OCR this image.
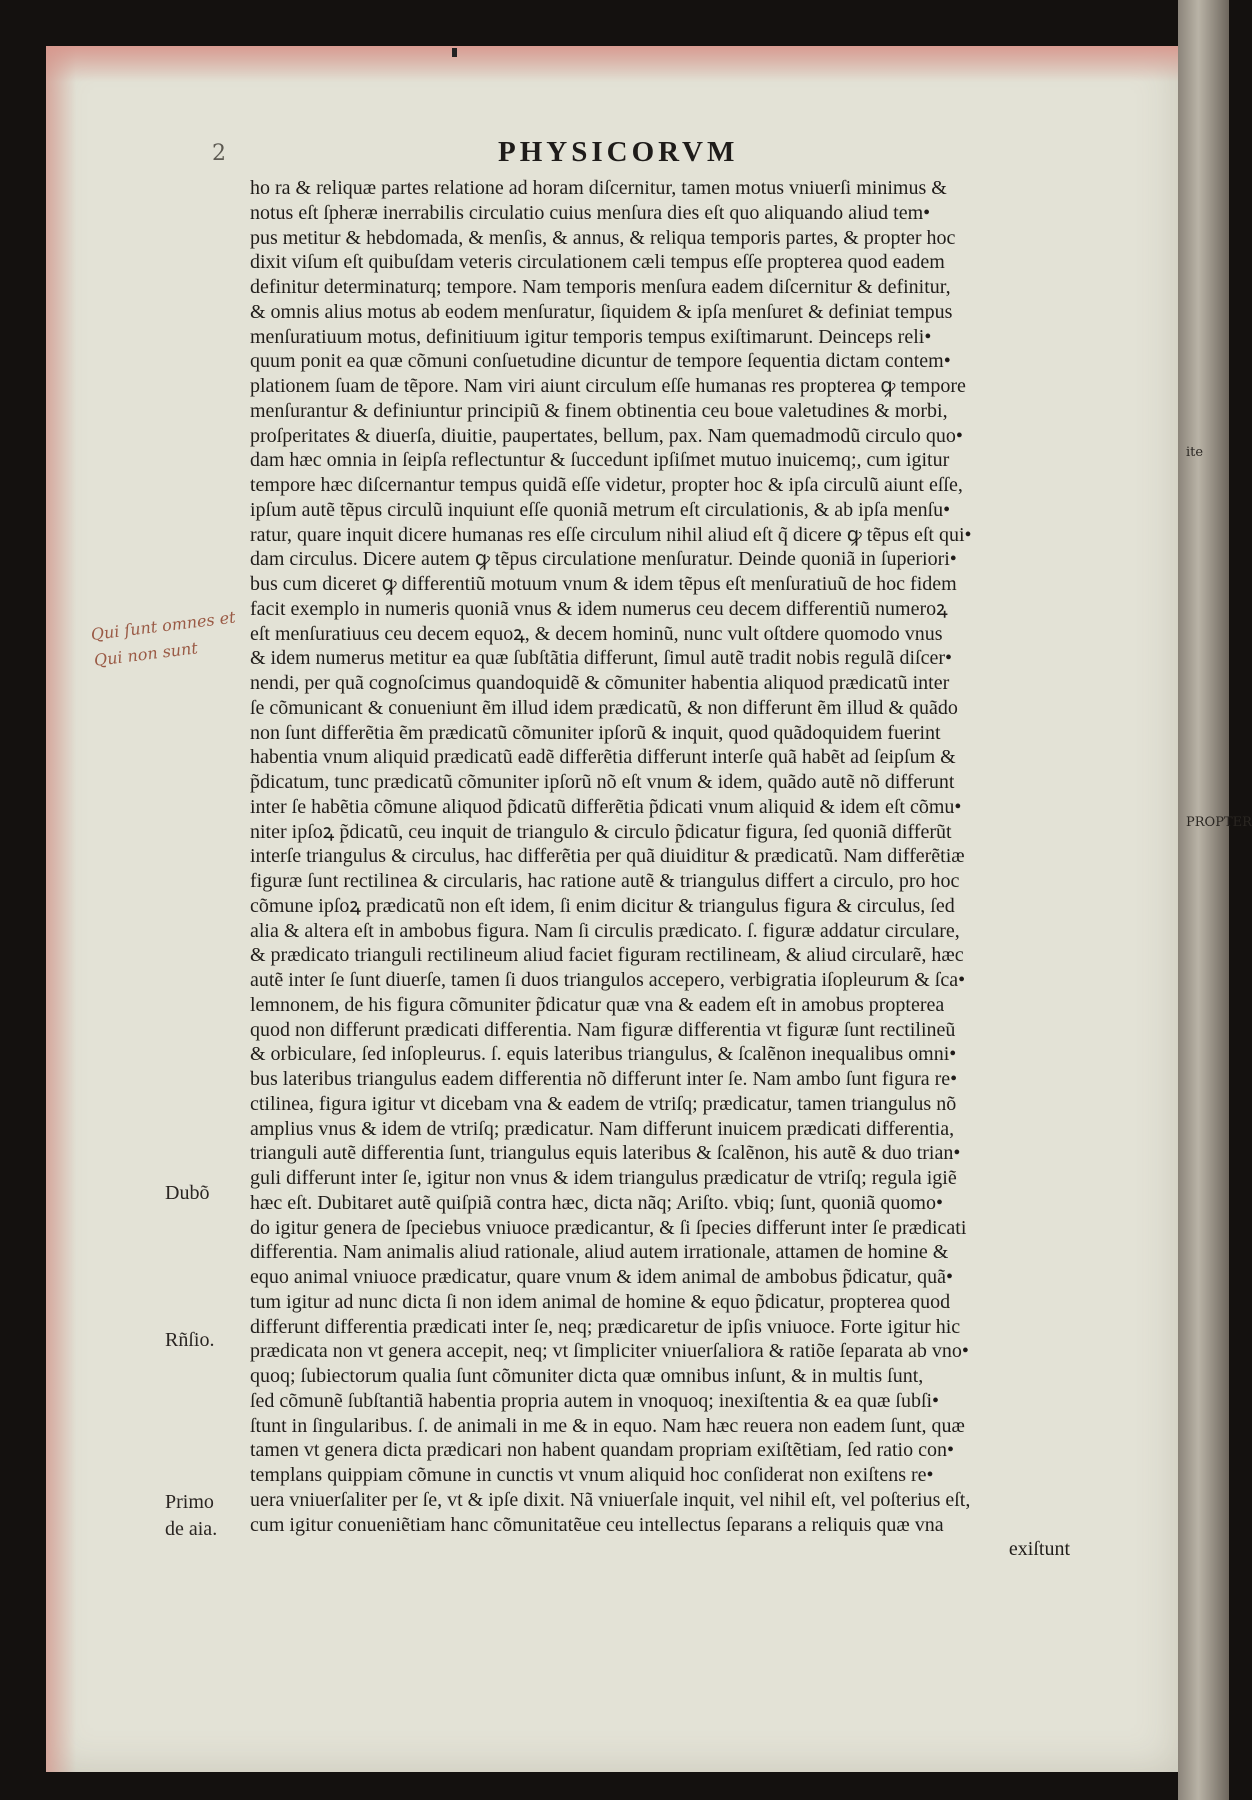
2	PHYSICORVM
Qui ſunt omnes et
Qui non sunt
Dubõ
Rñſio.
Primo
de aia.
ho ra & reliquæ partes relatione ad horam diſcernitur, tamen motus vniuerſi minimus &
notus eſt ſpheræ inerrabilis circulatio cuius menſura dies eſt quo aliquando aliud tem•
pus metitur & hebdomada, & menſis, & annus, & reliqua temporis partes, & propter hoc
dixit viſum eſt quibuſdam veteris circulationem cæli tempus eſſe propterea quod eadem
definitur determinaturq; tempore. Nam temporis menſura eadem diſcernitur & definitur,
& omnis alius motus ab eodem menſuratur, ſiquidem & ipſa menſuret & definiat tempus
menſuratiuum motus, definitiuum igitur temporis tempus exiſtimarunt. Deinceps reli•
quum ponit ea quæ cõmuni conſuetudine dicuntur de tempore ſequentia dictam contem•
plationem ſuam de tẽpore. Nam viri aiunt circulum eſſe humanas res propterea ꝙ tempore
menſurantur & definiuntur principiũ & finem obtinentia ceu boue valetudines & morbi,
proſperitates & diuerſa, diuitie, paupertates, bellum, pax. Nam quemadmodũ circulo quo•
dam hæc omnia in ſeipſa reflectuntur & ſuccedunt ipſiſmet mutuo inuicemq;, cum igitur
tempore hæc diſcernantur tempus quidã eſſe videtur, propter hoc & ipſa circulũ aiunt eſſe,
ipſum autẽ tẽpus circulũ inquiunt eſſe quoniã metrum eſt circulationis, & ab ipſa menſu•
ratur, quare inquit dicere humanas res eſſe circulum nihil aliud eſt q̃ dicere ꝙ tẽpus eſt qui•
dam circulus. Dicere autem ꝙ tẽpus circulatione menſuratur. Deinde quoniã in ſuperiori•
bus cum diceret ꝙ differentiũ motuum vnum & idem tẽpus eſt menſuratiuũ de hoc fidem
facit exemplo in numeris quoniã vnus & idem numerus ceu decem differentiũ numeroꝝ
eſt menſuratiuus ceu decem equoꝝ, & decem hominũ, nunc vult oſtdere quomodo vnus
& idem numerus metitur ea quæ ſubſtãtia differunt, ſimul autẽ tradit nobis regulã diſcer•
nendi, per quã cognoſcimus quandoquidẽ & cõmuniter habentia aliquod prædicatũ inter
ſe cõmunicant & conueniunt ẽm illud idem prædicatũ, & non differunt ẽm illud & quãdo
non ſunt differẽtia ẽm prædicatũ cõmuniter ipſorũ & inquit, quod quãdoquidem fuerint
habentia vnum aliquid prædicatũ eadẽ differẽtia differunt interſe quã habẽt ad ſeipſum &
p̃dicatum, tunc prædicatũ cõmuniter ipſorũ nõ eſt vnum & idem, quãdo autẽ nõ differunt
inter ſe habẽtia cõmune aliquod p̃dicatũ differẽtia p̃dicati vnum aliquid & idem eſt cõmu•
niter ipſoꝝ p̃dicatũ, ceu inquit de triangulo & circulo p̃dicatur figura, ſed quoniã differũt
interſe triangulus & circulus, hac differẽtia per quã diuiditur & prædicatũ. Nam differẽtiæ
figuræ ſunt rectilinea & circularis, hac ratione autẽ & triangulus differt a circulo, pro hoc
cõmune ipſoꝝ prædicatũ non eſt idem, ſi enim dicitur & triangulus figura & circulus, ſed
alia & altera eſt in ambobus figura. Nam ſi circulis prædicato. ſ. figuræ addatur circulare,
& prædicato trianguli rectilineum aliud faciet figuram rectilineam, & aliud circularẽ, hæc
autẽ inter ſe ſunt diuerſe, tamen ſi duos triangulos accepero, verbigratia iſopleurum & ſca•
lemnonem, de his figura cõmuniter p̃dicatur quæ vna & eadem eſt in amobus propterea
quod non differunt prædicati differentia. Nam figuræ differentia vt figuræ ſunt rectilineũ
& orbiculare, ſed inſopleurus. ſ. equis lateribus triangulus, & ſcalẽnon inequalibus omni•
bus lateribus triangulus eadem differentia nõ differunt inter ſe. Nam ambo ſunt figura re•
ctilinea, figura igitur vt dicebam vna & eadem de vtriſq; prædicatur, tamen triangulus nõ
amplius vnus & idem de vtriſq; prædicatur. Nam differunt inuicem prædicati differentia,
trianguli autẽ differentia ſunt, triangulus equis lateribus & ſcalẽnon, his autẽ & duo trian•
guli differunt inter ſe, igitur non vnus & idem triangulus prædicatur de vtriſq; regula igiẽ
hæc eſt. Dubitaret autẽ quiſpiã contra hæc, dicta nãq; Ariſto. vbiq; ſunt, quoniã quomo•
do igitur genera de ſpeciebus vniuoce prædicantur, & ſi ſpecies differunt inter ſe prædicati
differentia. Nam animalis aliud rationale, aliud autem irrationale, attamen de homine &
equo animal vniuoce prædicatur, quare vnum & idem animal de ambobus p̃dicatur, quã•
tum igitur ad nunc dicta ſi non idem animal de homine & equo p̃dicatur, propterea quod
differunt differentia prædicati inter ſe, neq; prædicaretur de ipſis vniuoce. Forte igitur hic
prædicata non vt genera accepit, neq; vt ſimpliciter vniuerſaliora & ratiõe ſeparata ab vno•
quoq; ſubiectorum qualia ſunt cõmuniter dicta quæ omnibus inſunt, & in multis ſunt,
ſed cõmunẽ ſubſtantiã habentia propria autem in vnoquoq; inexiſtentia & ea quæ ſubſi•
ſtunt in ſingularibus. ſ. de animali in me & in equo. Nam hæc reuera non eadem ſunt, quæ
tamen vt genera dicta prædicari non habent quandam propriam exiſtẽtiam, ſed ratio con•
templans quippiam cõmune in cunctis vt vnum aliquid hoc conſiderat non exiſtens re•
uera vniuerſaliter per ſe, vt & ipſe dixit. Nã vniuerſale inquit, vel nihil eſt, vel poſterius eſt,
cum igitur conueniẽtiam hanc cõmunitatẽue ceu intellectus ſeparans a reliquis quæ vna
exiſtunt
PROPTER
ite
